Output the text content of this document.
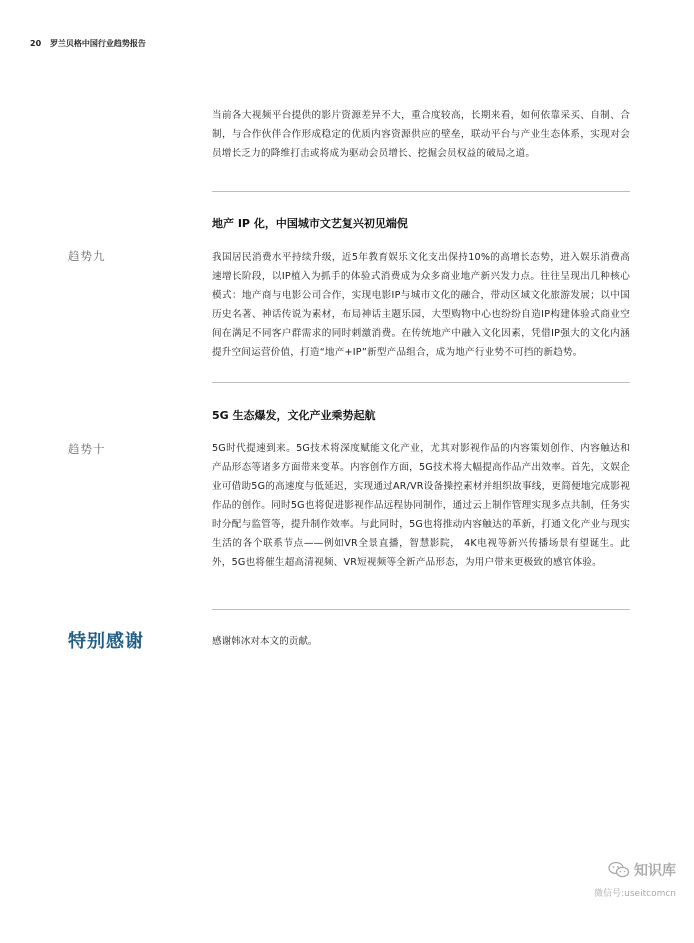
20 罗兰贝格中国行业趋势报告

当前各大视频平台提供的影片资源差异不大，重合度较高，长期来看，如何依靠采买、自制、合制，与合作伙伴合作形成稳定的优质内容资源供应的壁垒，联动平台与产业生态体系，实现对会员增长乏力的降维打击或将成为驱动会员增长、挖掘会员权益的破局之道。

地产 IP 化，中国城市文艺复兴初见端倪
趋势九	我国居民消费水平持续升级，近5年教育娱乐文化支出保持10%的高增长态势，进入娱乐消费高速增长阶段，以IP植入为抓手的体验式消费成为众多商业地产新兴发力点。往往呈现出几种核心模式：地产商与电影公司合作，实现电影IP与城市文化的融合，带动区域文化旅游发展；以中国历史名著、神话传说为素材，布局神话主题乐园，大型购物中心也纷纷自造IP构建体验式商业空间在满足不同客户群需求的同时刺激消费。在传统地产中融入文化因素，凭借IP强大的文化内涵提升空间运营价值，打造“地产+IP”新型产品组合，成为地产行业势不可挡的新趋势。

5G 生态爆发，文化产业乘势起航
趋势十	5G时代提速到来。5G技术将深度赋能文化产业，尤其对影视作品的内容策划创作、内容触达和产品形态等诸多方面带来变革。内容创作方面，5G技术将大幅提高作品产出效率。首先，文娱企业可借助5G的高速度与低延迟，实现通过AR/VR设备操控素材并组织故事线，更简便地完成影视作品的创作。同时5G也将促进影视作品远程协同制作，通过云上制作管理实现多点共制，任务实时分配与监管等，提升制作效率。与此同时，5G也将推动内容触达的革新，打通文化产业与现实生活的各个联系节点——例如VR全景直播，智慧影院， 4K电视等新兴传播场景有望诞生。此外，5G也将催生超高清视频、VR短视频等全新产品形态，为用户带来更极致的感官体验。

特别感谢	感谢韩冰对本文的贡献。
知识库
微信号:useitcomcn
